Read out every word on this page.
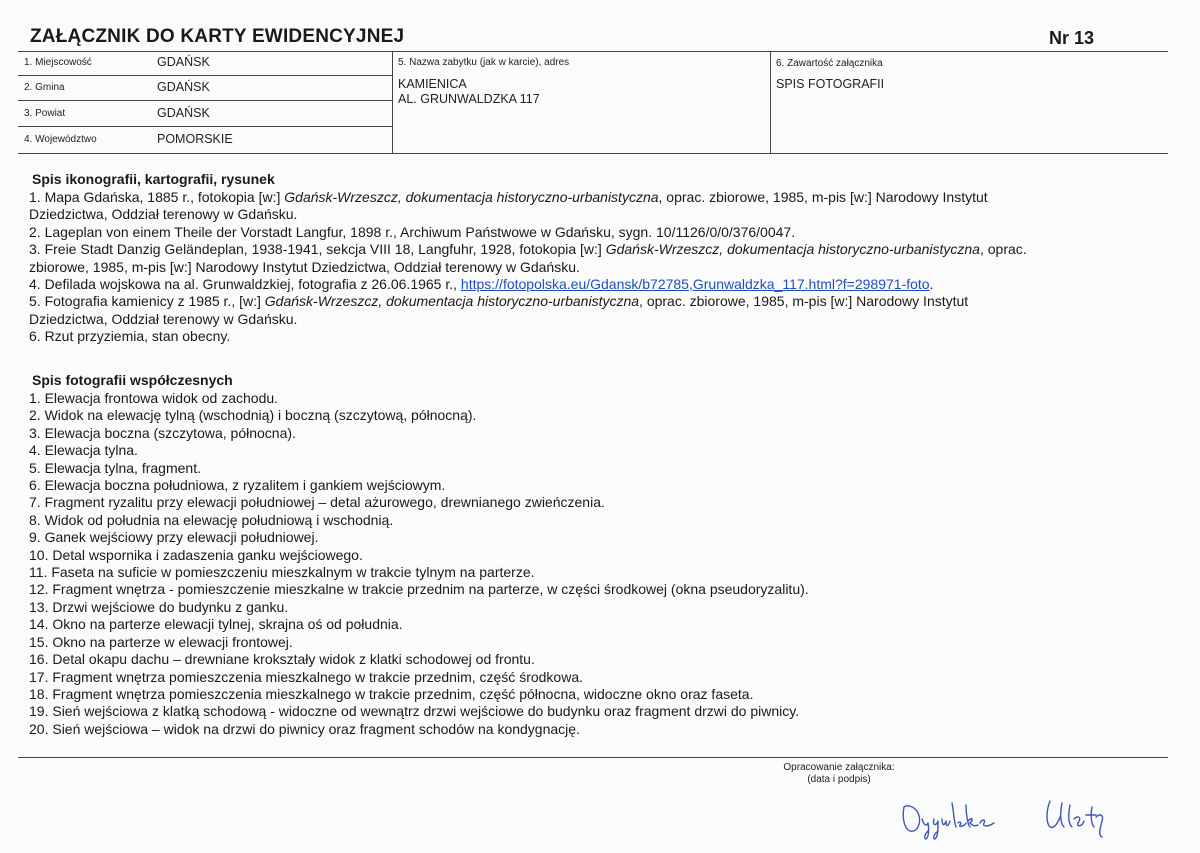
ZAŁĄCZNIK DO KARTY EWIDENCYJNEJ	Nr 13
1. Miejscowość	GDAŃSK
2. Gmina	GDAŃSK
3. Powiat	GDAŃSK
4. Województwo	POMORSKIE
5. Nazwa zabytku (jak w karcie), adres
KAMIENICA
AL. GRUNWALDZKA 117
6. Zawartość załącznika
SPIS FOTOGRAFII
Spis ikonografii, kartografii, rysunek
1. Mapa Gdańska, 1885 r., fotokopia [w:] Gdańsk-Wrzeszcz, dokumentacja historyczno-urbanistyczna, oprac. zbiorowe, 1985, m-pis [w:] Narodowy Instytut
Dziedzictwa, Oddział terenowy w Gdańsku.
2. Lageplan von einem Theile der Vorstadt Langfur, 1898 r., Archiwum Państwowe w Gdańsku, sygn. 10/1126/0/0/376/0047.
3. Freie Stadt Danzig Geländeplan, 1938-1941, sekcja VIII 18, Langfuhr, 1928, fotokopia [w:] Gdańsk-Wrzeszcz, dokumentacja historyczno-urbanistyczna, oprac.
zbiorowe, 1985, m-pis [w:] Narodowy Instytut Dziedzictwa, Oddział terenowy w Gdańsku.
4. Defilada wojskowa na al. Grunwaldzkiej, fotografia z 26.06.1965 r., https://fotopolska.eu/Gdansk/b72785,Grunwaldzka_117.html?f=298971-foto.
5. Fotografia kamienicy z 1985 r., [w:] Gdańsk-Wrzeszcz, dokumentacja historyczno-urbanistyczna, oprac. zbiorowe, 1985, m-pis [w:] Narodowy Instytut
Dziedzictwa, Oddział terenowy w Gdańsku.
6. Rzut przyziemia, stan obecny.
Spis fotografii współczesnych
1. Elewacja frontowa widok od zachodu.
2. Widok na elewację tylną (wschodnią) i boczną (szczytową, północną).
3. Elewacja boczna (szczytowa, północna).
4. Elewacja tylna.
5. Elewacja tylna, fragment.
6. Elewacja boczna południowa, z ryzalitem i gankiem wejściowym.
7. Fragment ryzalitu przy elewacji południowej – detal ażurowego, drewnianego zwieńczenia.
8. Widok od południa na elewację południową i wschodnią.
9. Ganek wejściowy przy elewacji południowej.
10. Detal wspornika i zadaszenia ganku wejściowego.
11. Faseta na suficie w pomieszczeniu mieszkalnym w trakcie tylnym na parterze.
12. Fragment wnętrza - pomieszczenie mieszkalne w trakcie przednim na parterze, w części środkowej (okna pseudoryzalitu).
13. Drzwi wejściowe do budynku z ganku.
14. Okno na parterze elewacji tylnej, skrajna oś od południa.
15. Okno na parterze w elewacji frontowej.
16. Detal okapu dachu – drewniane krokształy widok z klatki schodowej od frontu.
17. Fragment wnętrza pomieszczenia mieszkalnego w trakcie przednim, część środkowa.
18. Fragment wnętrza pomieszczenia mieszkalnego w trakcie przednim, część północna, widoczne okno oraz faseta.
19. Sień wejściowa z klatką schodową - widoczne od wewnątrz drzwi wejściowe do budynku oraz fragment drzwi do piwnicy.
20. Sień wejściowa – widok na drzwi do piwnicy oraz fragment schodów na kondygnację.
Opracowanie załącznika:
(data i podpis)
